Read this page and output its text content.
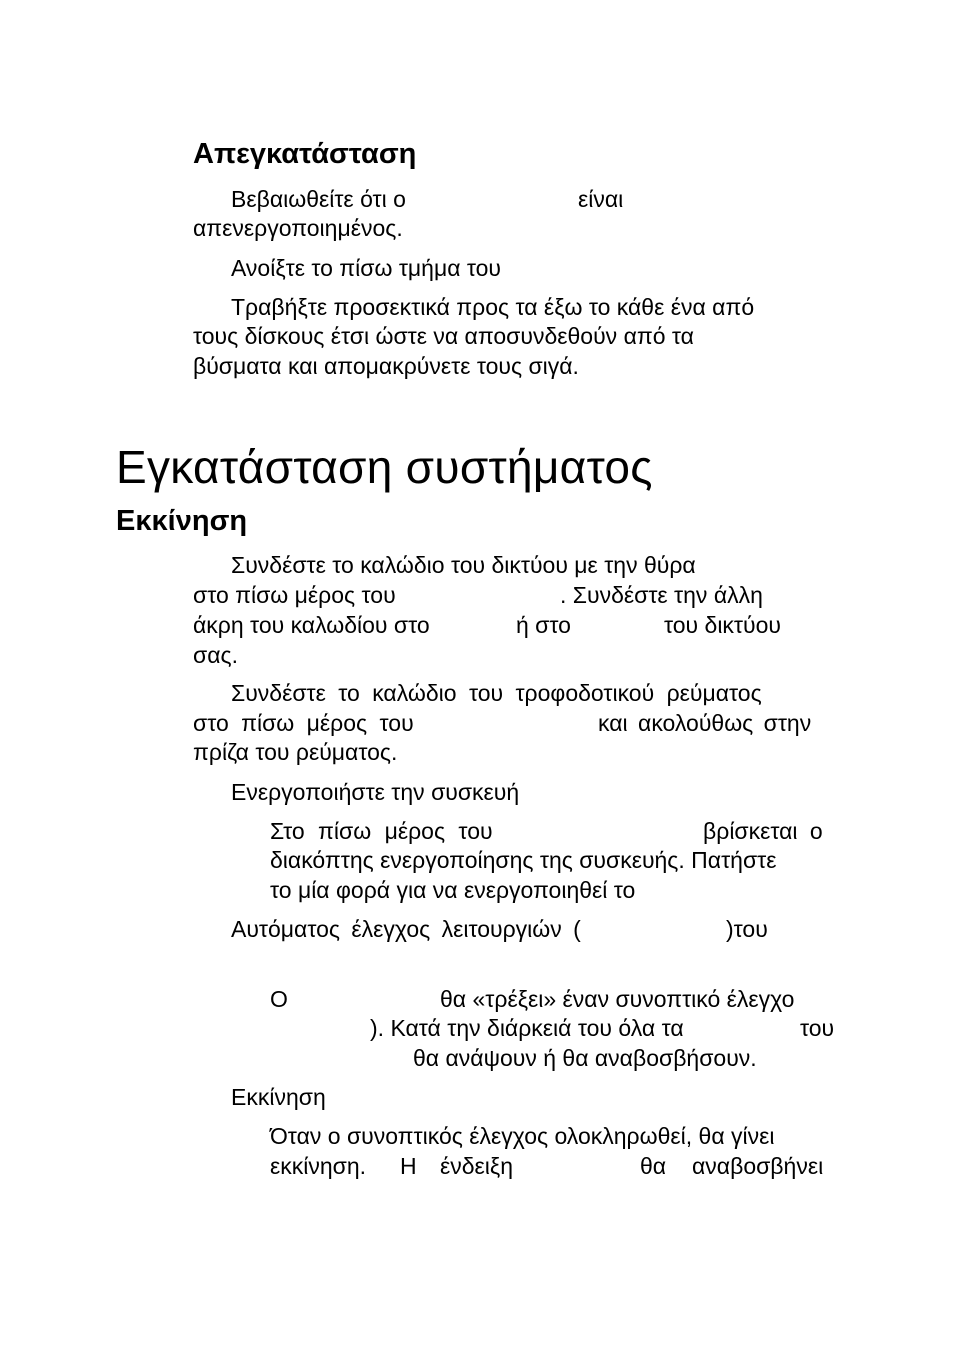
Απεγκατάσταση
Βεβαιωθείτε ότι ο	είναι
απενεργοποιημένος.
Ανοίξτε το πίσω τμήμα του
Τραβήξτε προσεκτικά προς τα έξω το κάθε ένα από
τους δίσκους έτσι ώστε να αποσυνδεθούν από τα
βύσματα και απομακρύνετε τους σιγά.
Εγκατάσταση συστήματος
Εκκίνηση
Συνδέστε το καλώδιο του δικτύου με την θύρα
στο πίσω μέρος του	. Συνδέστε την άλλη
άκρη του καλωδίου στο	ή στο	του δικτύου
σας.
Συνδέστε το καλώδιο του τροφοδοτικού ρεύματος
στο πίσω μέρος του	και ακολούθως στην
πρίζα του ρεύματος.
Ενεργοποιήστε την συσκευή
Στο πίσω μέρος του	βρίσκεται ο
διακόπτης ενεργοποίησης της συσκευής. Πατήστε
το μία φορά για να ενεργοποιηθεί το
Αυτόματος έλεγχος λειτουργιών (	)του
Ο	θα «τρέξει» έναν συνοπτικό έλεγχο
). Κατά την διάρκειά του όλα τα	του
θα ανάψουν ή θα αναβοσβήσουν.
Εκκίνηση
Όταν ο συνοπτικός έλεγχος ολοκληρωθεί, θα γίνει
εκκίνηση. Η ένδειξη	θα αναβοσβήνει
